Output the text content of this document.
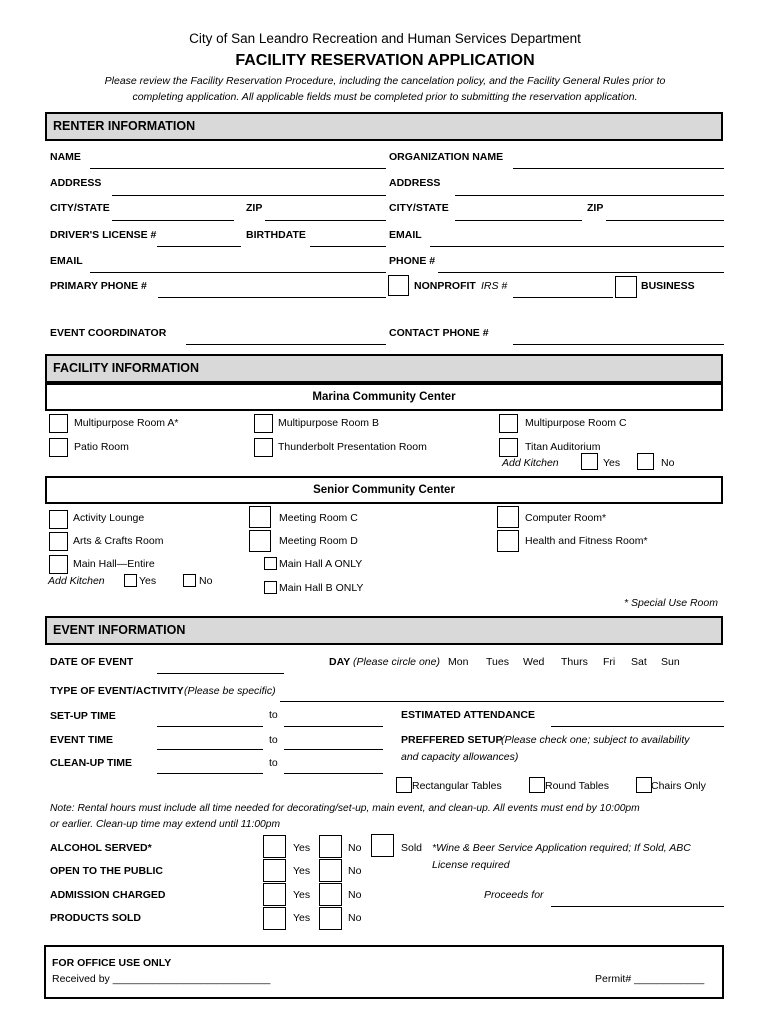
City of San Leandro Recreation and Human Services Department
FACILITY RESERVATION APPLICATION
Please review the Facility Reservation Procedure, including the cancelation policy, and the Facility General Rules prior to
completing application. All applicable fields must be completed prior to submitting the reservation application.
RENTER INFORMATION
NAME	ORGANIZATION NAME
ADDRESS	ADDRESS
CITY/STATE	ZIP	CITY/STATE	ZIP
DRIVER'S LICENSE #	BIRTHDATE	EMAIL
EMAIL	PHONE #
PRIMARY PHONE #	NONPROFIT IRS #	BUSINESS
EVENT COORDINATOR	CONTACT PHONE #
FACILITY INFORMATION
Marina Community Center
Multipurpose Room A*	Multipurpose Room B	Multipurpose Room C
Patio Room	Thunderbolt Presentation Room	Titan Auditorium
Add Kitchen	Yes	No
Senior Community Center
Activity Lounge	Meeting Room C	Computer Room*
Arts & Crafts Room	Meeting Room D	Health and Fitness Room*
Main Hall—Entire	Main Hall A ONLY
Add Kitchen	Yes	No
Main Hall B ONLY
* Special Use Room
EVENT INFORMATION
DATE OF EVENT	DAY (Please circle one) Mon Tues Wed Thurs Fri Sat Sun
TYPE OF EVENT/ACTIVITY (Please be specific)
SET-UP TIME	to	ESTIMATED ATTENDANCE
EVENT TIME	to	PREFFERED SETUP
(Please check one; subject to availability
and capacity allowances)
CLEAN-UP TIME	to
Rectangular Tables	Round Tables	Chairs Only
Note: Rental hours must include all time needed for decorating/set-up, main event, and clean-up. All events must end by 10:00pm
or earlier. Clean-up time may extend until 11:00pm
ALCOHOL SERVED*	Yes	No	Sold *Wine & Beer Service Application required; If Sold, ABC
License required
OPEN TO THE PUBLIC	Yes	No
ADMISSION CHARGED	Yes	No	Proceeds for
PRODUCTS SOLD	Yes	No
FOR OFFICE USE ONLY
Received by ___________________________	Permit# ____________
